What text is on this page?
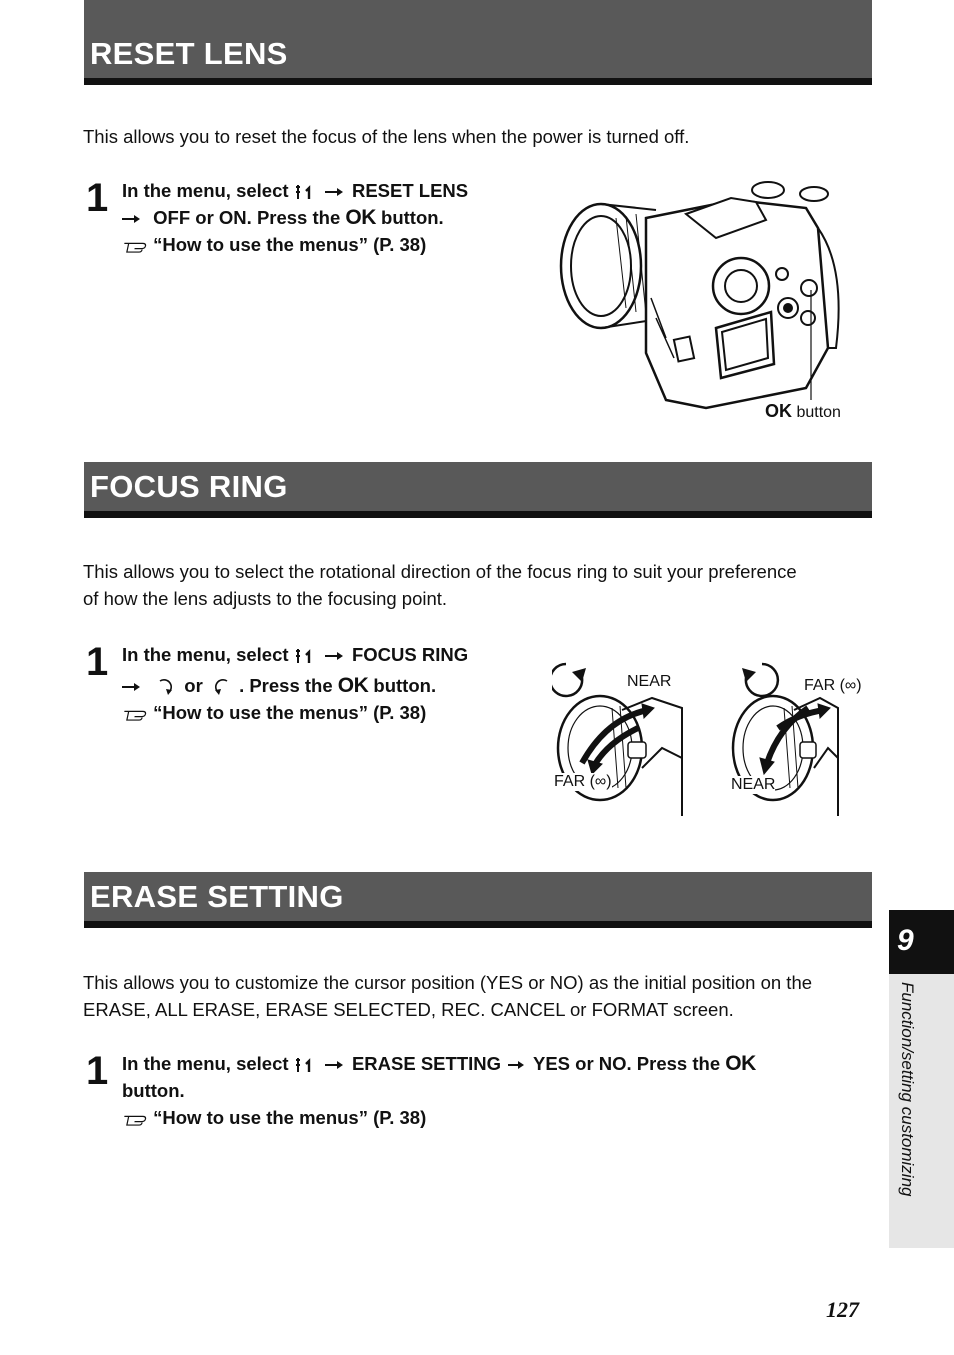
RESET LENS

This allows you to reset the focus of the lens when the power is turned off.

1 In the menu, select	RESET LENS
OFF or ON. Press the OK button.
“How to use the menus” (P. 38)
OK button
FOCUS RING

This allows you to select the rotational direction of the focus ring to suit your preference of how the lens adjusts to the focusing point.

1 In the menu, select	FOCUS RING
or . Press the OK button.
“How to use the menus” (P. 38)
NEAR
FAR (∞)
FAR (∞)
NEAR
ERASE SETTING

This allows you to customize the cursor position (YES or NO) as the initial position on the ERASE, ALL ERASE, ERASE SELECTED, REC. CANCEL or FORMAT screen.

1 In the menu, select	ERASE SETTING YES or NO. Press the OK
button.
“How to use the menus” (P. 38)
9
Function/setting customizing
127
